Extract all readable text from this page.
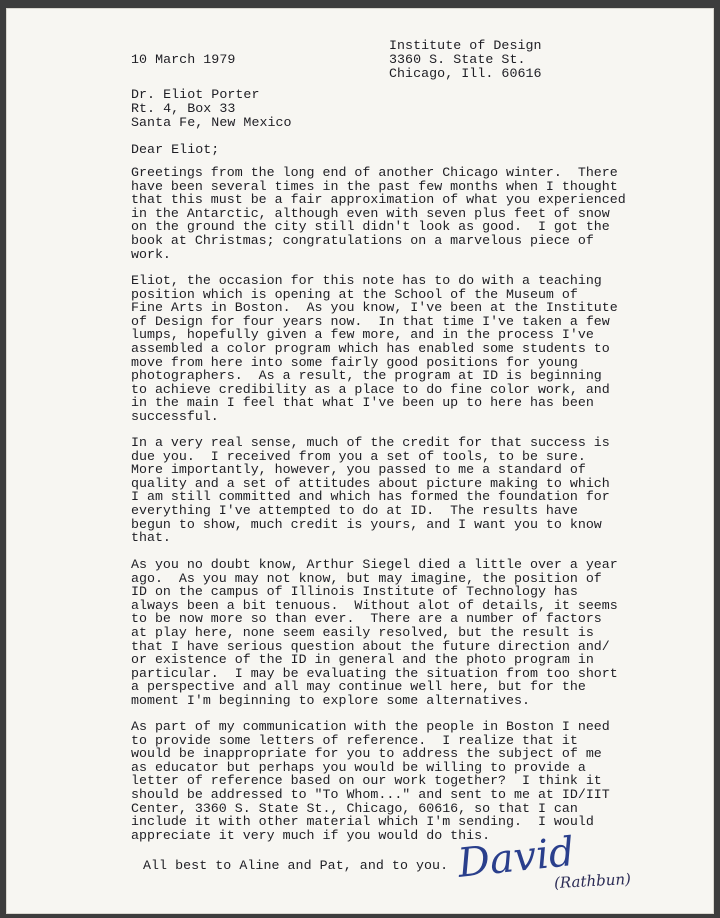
10 March 1979
Institute of Design
3360 S. State St.
Chicago, Ill. 60616
Dr. Eliot Porter
Rt. 4, Box 33
Santa Fe, New Mexico
Dear Eliot;
Greetings from the long end of another Chicago winter.  There
have been several times in the past few months when I thought
that this must be a fair approximation of what you experienced
in the Antarctic, although even with seven plus feet of snow
on the ground the city still didn't look as good.  I got the
book at Christmas; congratulations on a marvelous piece of
work.
Eliot, the occasion for this note has to do with a teaching
position which is opening at the School of the Museum of
Fine Arts in Boston.  As you know, I've been at the Institute
of Design for four years now.  In that time I've taken a few
lumps, hopefully given a few more, and in the process I've
assembled a color program which has enabled some students to
move from here into some fairly good positions for young
photographers.  As a result, the program at ID is beginning
to achieve credibility as a place to do fine color work, and
in the main I feel that what I've been up to here has been
successful.
In a very real sense, much of the credit for that success is
due you.  I received from you a set of tools, to be sure.
More importantly, however, you passed to me a standard of
quality and a set of attitudes about picture making to which
I am still committed and which has formed the foundation for
everything I've attempted to do at ID.  The results have
begun to show, much credit is yours, and I want you to know
that.
As you no doubt know, Arthur Siegel died a little over a year
ago.  As you may not know, but may imagine, the position of
ID on the campus of Illinois Institute of Technology has
always been a bit tenuous.  Without alot of details, it seems
to be now more so than ever.  There are a number of factors
at play here, none seem easily resolved, but the result is
that I have serious question about the future direction and/
or existence of the ID in general and the photo program in
particular.  I may be evaluating the situation from too short
a perspective and all may continue well here, but for the
moment I'm beginning to explore some alternatives.
As part of my communication with the people in Boston I need
to provide some letters of reference.  I realize that it
would be inappropriate for you to address the subject of me
as educator but perhaps you would be willing to provide a
letter of reference based on our work together?  I think it
should be addressed to "To Whom..." and sent to me at ID/IIT
Center, 3360 S. State St., Chicago, 60616, so that I can
include it with other material which I'm sending.  I would
appreciate it very much if you would do this.
All best to Aline and Pat, and to you. David
(Rathbun)
